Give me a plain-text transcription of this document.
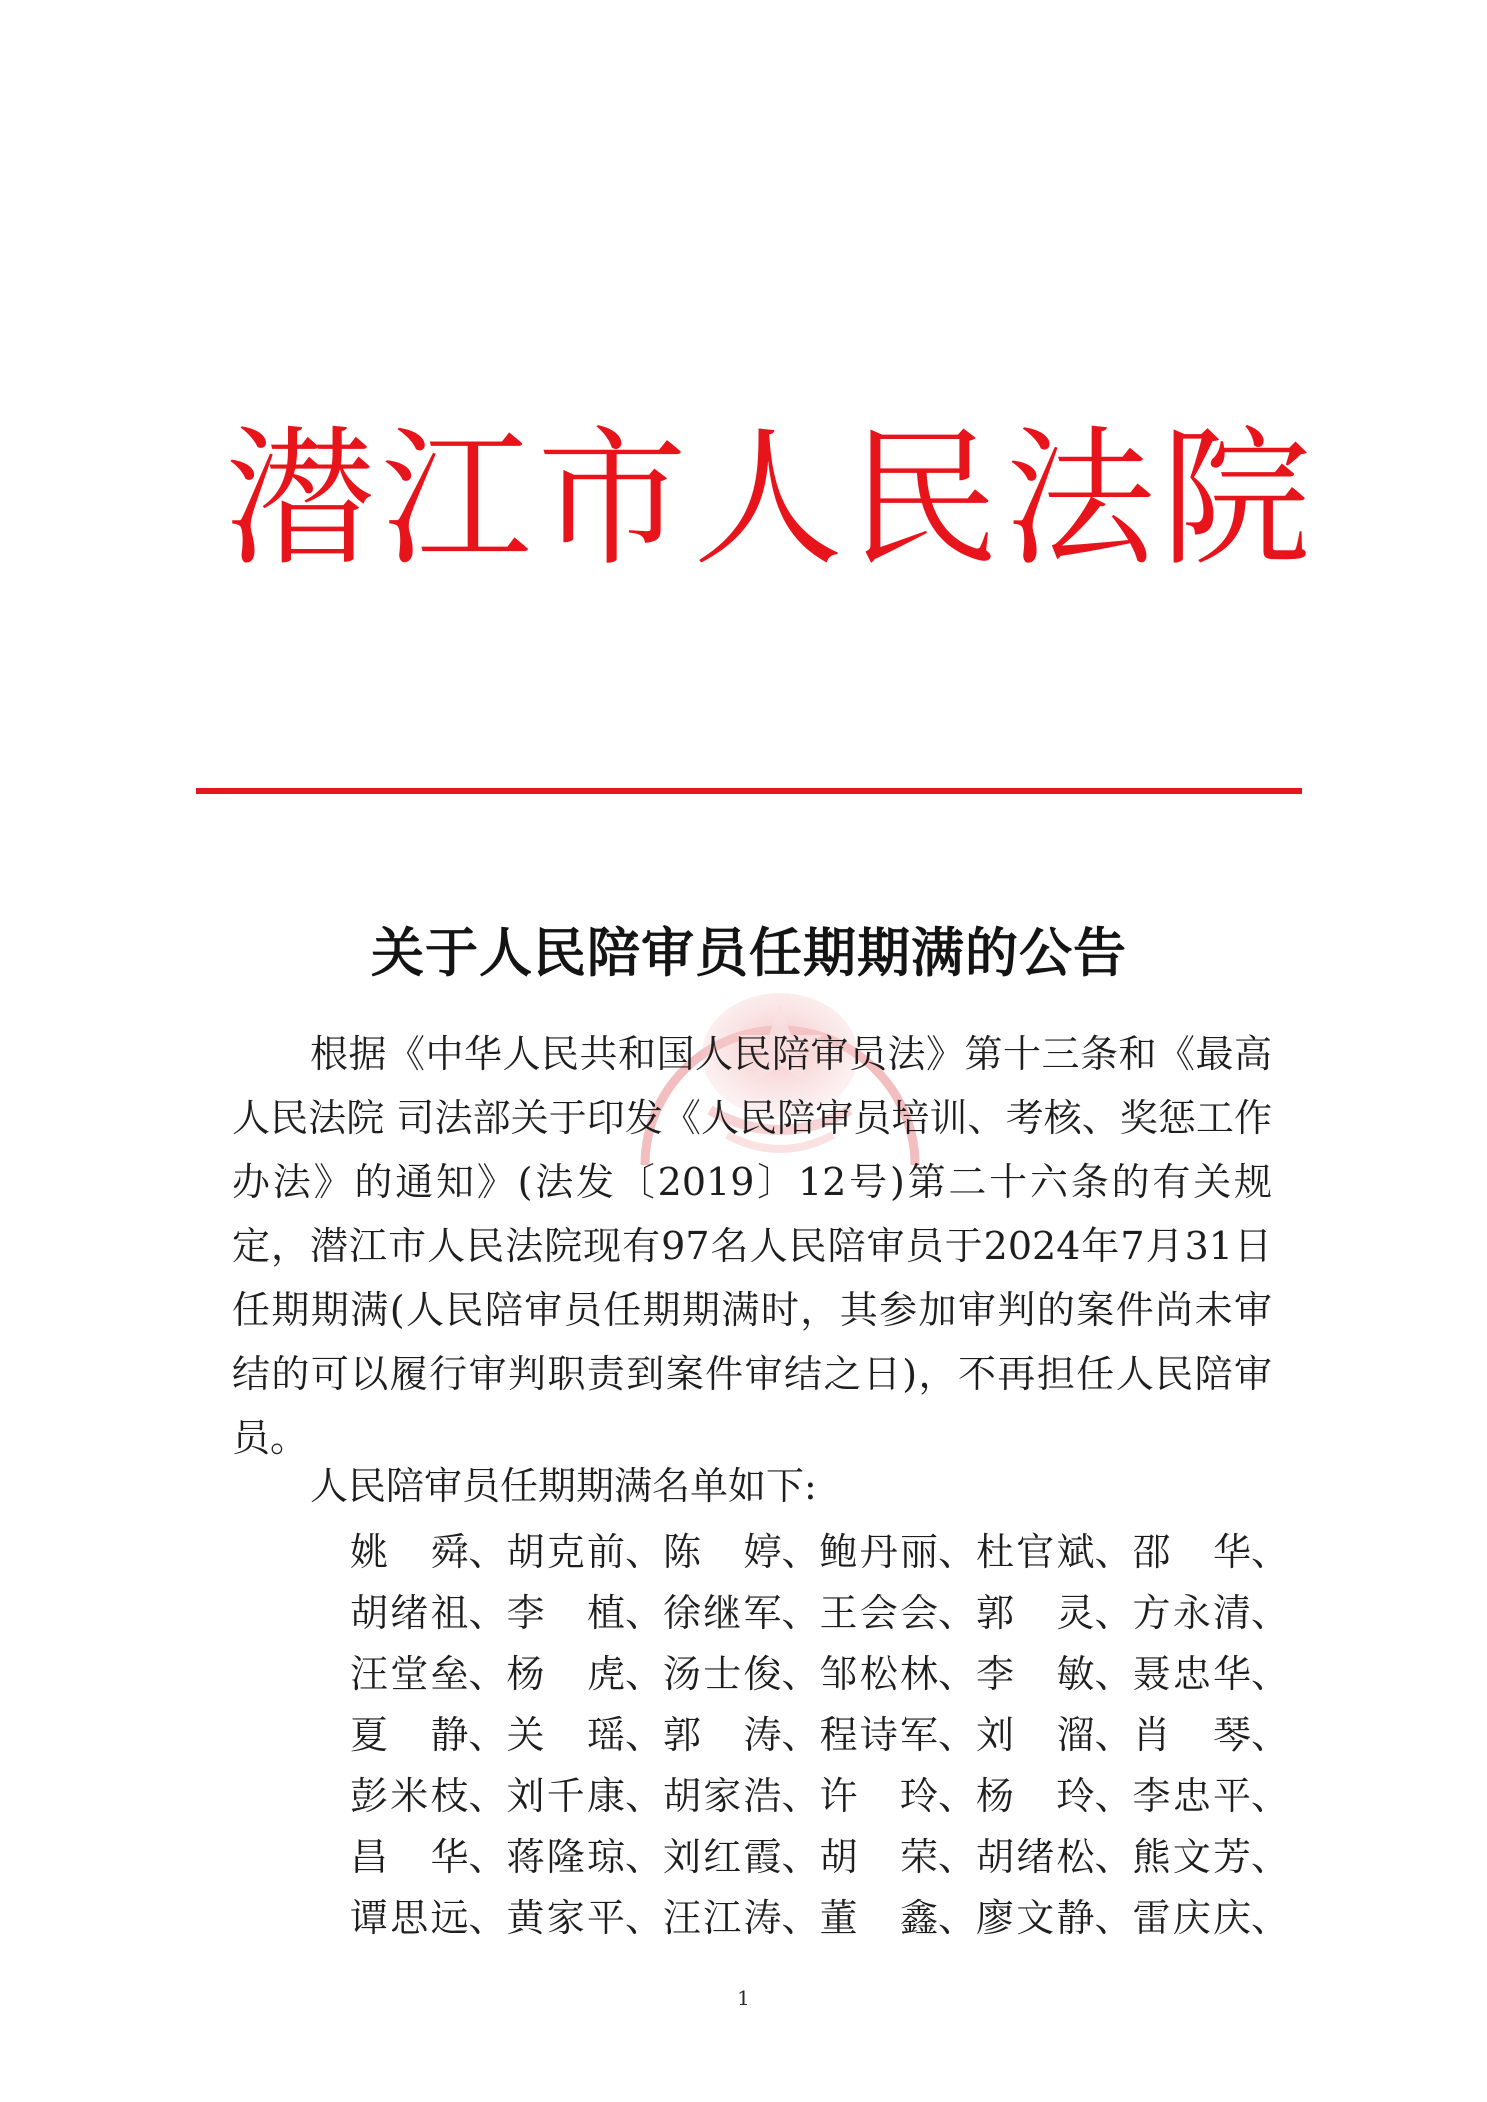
潜江市人民法院
关于人民陪审员任期期满的公告

根据《中华人民共和国人民陪审员法》第十三条和《最高人民法院 司法部关于印发《人民陪审员培训、考核、奖惩工作办法》的通知》(法发〔2019〕12号)第二十六条的有关规定，潜江市人民法院现有97名人民陪审员于2024年7月31日任期期满(人民陪审员任期期满时，其参加审判的案件尚未审结的可以履行审判职责到案件审结之日)，不再担任人民陪审员。

人民陪审员任期期满名单如下:
姚 舜 、 胡 克 前 、 陈 婷 、 鲍 丹 丽 、 杜 官 斌 、 邵 华 、
胡 绪 祖 、 李 植 、 徐 继 军 、 王 会 会 、 郭 灵 、 方 永 清 、
汪 堂 垒 、 杨 虎 、 汤 士 俊 、 邹 松 林 、 李 敏 、 聂 忠 华 、
夏 静 、 关 瑶 、 郭 涛 、 程 诗 军 、 刘 溜 、 肖 琴 、
彭 米 枝 、 刘 千 康 、 胡 家 浩 、 许 玲 、 杨 玲 、 李 忠 平 、
昌 华 、 蒋 隆 琼 、 刘 红 霞 、 胡 荣 、 胡 绪 松 、 熊 文 芳 、
谭 思 远 、 黄 家 平 、 汪 江 涛 、 董 鑫 、 廖 文 静 、 雷 庆 庆 、
1
